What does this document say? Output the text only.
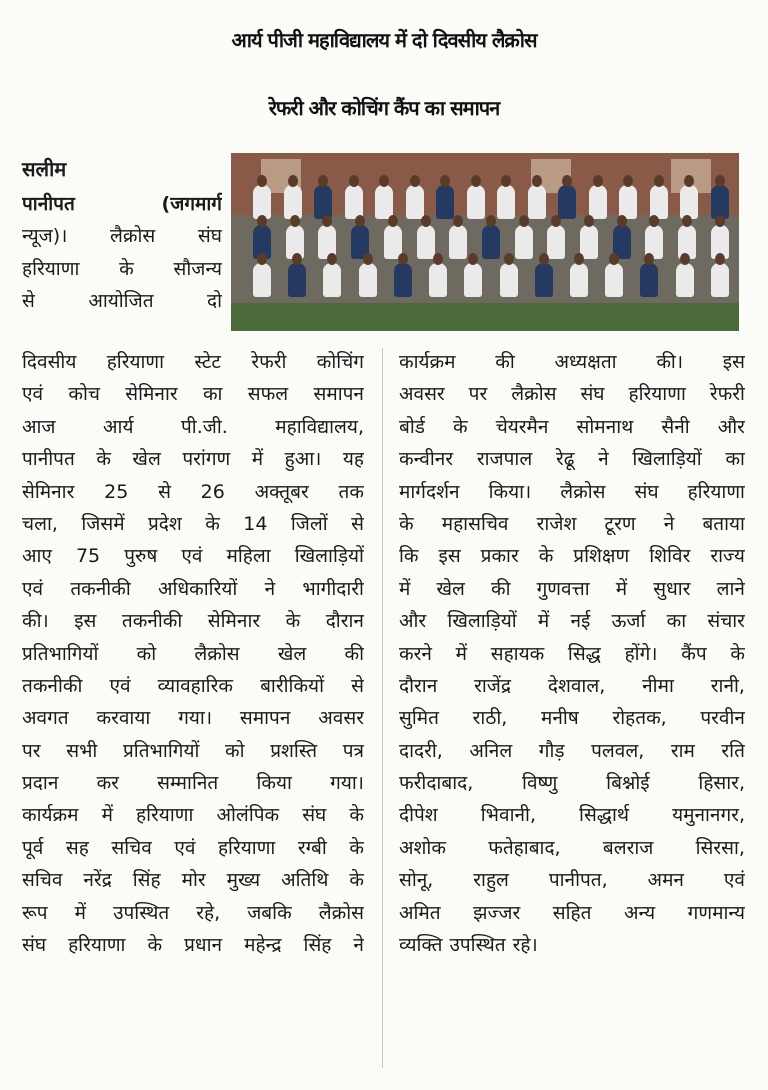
आर्य पीजी महाविद्यालय में दो दिवसीय लैक्रोस
रेफरी और कोचिंग कैंप का समापन
सलीम
पानीपत	(जगमार्ग
न्यूज)। लैक्रोस संघ
हरियाणा के सौजन्य
से	आयोजित	दो
दिवसीय हरियाणा स्टेट रेफरी कोचिंग
एवं कोच सेमिनार का सफल समापन
आज	आर्य	पी.जी.	महाविद्यालय,
पानीपत के खेल परांगण में हुआ। यह
सेमिनार 25 से 26 अक्तूबर तक
चला, जिसमें प्रदेश के 14 जिलों से
आए 75 पुरुष एवं महिला खिलाड़ियों
एवं तकनीकी अधिकारियों ने भागीदारी
की। इस तकनीकी सेमिनार के दौरान
प्रतिभागियों को लैक्रोस खेल की
तकनीकी एवं व्यावहारिक बारीकियों से
अवगत करवाया गया। समापन अवसर
पर सभी प्रतिभागियों को प्रशस्ति पत्र
प्रदान कर सम्मानित किया गया।
कार्यक्रम में हरियाणा ओलंपिक संघ के
पूर्व सह सचिव एवं हरियाणा रग्बी के
सचिव नरेंद्र सिंह मोर मुख्य अतिथि के
रूप में उपस्थित रहे, जबकि लैक्रोस
संघ हरियाणा के प्रधान महेन्द्र सिंह ने
कार्यक्रम की अध्यक्षता की। इस
अवसर पर लैक्रोस संघ हरियाणा रेफरी
बोर्ड के चेयरमैन सोमनाथ सैनी और
कन्वीनर राजपाल रेढू ने खिलाड़ियों का
मार्गदर्शन किया। लैक्रोस संघ हरियाणा
के महासचिव राजेश टूरण ने बताया
कि इस प्रकार के प्रशिक्षण शिविर राज्य
में खेल की गुणवत्ता में सुधार लाने
और खिलाड़ियों में नई ऊर्जा का संचार
करने में सहायक सिद्ध होंगे। कैंप के
दौरान राजेंद्र देशवाल, नीमा रानी,
सुमित राठी, मनीष रोहतक, परवीन
दादरी, अनिल गौड़ पलवल, राम रति
फरीदाबाद,	विष्णु	बिश्नोई	हिसार,
दीपेश भिवानी, सिद्धार्थ यमुनानगर,
अशोक फतेहाबाद, बलराज सिरसा,
सोनू, राहुल पानीपत, अमन एवं
अमित झज्जर सहित अन्य गणमान्य
व्यक्ति उपस्थित रहे।
